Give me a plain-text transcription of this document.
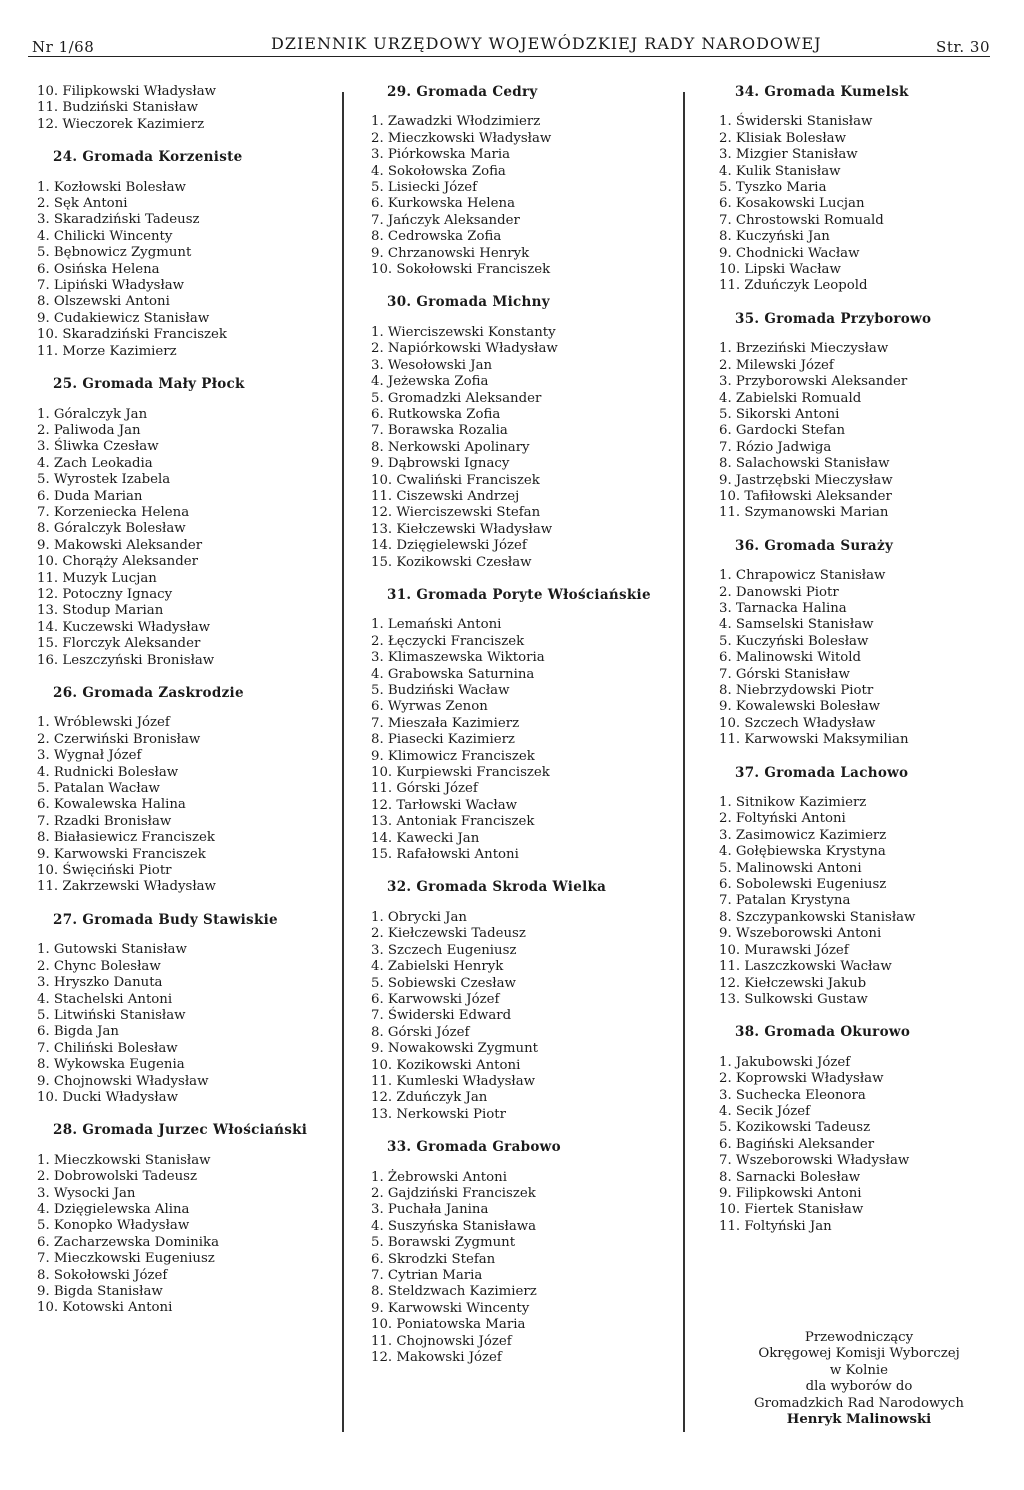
Nr 1/68	DZIENNIK URZĘDOWY WOJEWÓDZKIEJ RADY NARODOWEJ	Str. 30
10. Filipkowski Władysław
11. Budziński Stanisław
12. Wieczorek Kazimierz
24. Gromada Korzeniste
1. Kozłowski Bolesław
2. Sęk Antoni
3. Skaradziński Tadeusz
4. Chilicki Wincenty
5. Bębnowicz Zygmunt
6. Osińska Helena
7. Lipiński Władysław
8. Olszewski Antoni
9. Cudakiewicz Stanisław
10. Skaradziński Franciszek
11. Morze Kazimierz
25. Gromada Mały Płock
1. Góralczyk Jan
2. Paliwoda Jan
3. Śliwka Czesław
4. Zach Leokadia
5. Wyrostek Izabela
6. Duda Marian
7. Korzeniecka Helena
8. Góralczyk Bolesław
9. Makowski Aleksander
10. Chorąży Aleksander
11. Muzyk Lucjan
12. Potoczny Ignacy
13. Stodup Marian
14. Kuczewski Władysław
15. Florczyk Aleksander
16. Leszczyński Bronisław
26. Gromada Zaskrodzie
1. Wróblewski Józef
2. Czerwiński Bronisław
3. Wygnał Józef
4. Rudnicki Bolesław
5. Patalan Wacław
6. Kowalewska Halina
7. Rzadki Bronisław
8. Białasiewicz Franciszek
9. Karwowski Franciszek
10. Święciński Piotr
11. Zakrzewski Władysław
27. Gromada Budy Stawiskie
1. Gutowski Stanisław
2. Chync Bolesław
3. Hryszko Danuta
4. Stachelski Antoni
5. Litwiński Stanisław
6. Bigda Jan
7. Chiliński Bolesław
8. Wykowska Eugenia
9. Chojnowski Władysław
10. Ducki Władysław
28. Gromada Jurzec Włościański
1. Mieczkowski Stanisław
2. Dobrowolski Tadeusz
3. Wysocki Jan
4. Dzięgielewska Alina
5. Konopko Władysław
6. Zacharzewska Dominika
7. Mieczkowski Eugeniusz
8. Sokołowski Józef
9. Bigda Stanisław
10. Kotowski Antoni
29. Gromada Cedry
1. Zawadzki Włodzimierz
2. Mieczkowski Władysław
3. Piórkowska Maria
4. Sokołowska Zofia
5. Lisiecki Józef
6. Kurkowska Helena
7. Jańczyk Aleksander
8. Cedrowska Zofia
9. Chrzanowski Henryk
10. Sokołowski Franciszek
30. Gromada Michny
1. Wierciszewski Konstanty
2. Napiórkowski Władysław
3. Wesołowski Jan
4. Jeżewska Zofia
5. Gromadzki Aleksander
6. Rutkowska Zofia
7. Borawska Rozalia
8. Nerkowski Apolinary
9. Dąbrowski Ignacy
10. Cwaliński Franciszek
11. Ciszewski Andrzej
12. Wierciszewski Stefan
13. Kiełczewski Władysław
14. Dzięgielewski Józef
15. Kozikowski Czesław
31. Gromada Poryte Włościańskie
1. Lemański Antoni
2. Łęczycki Franciszek
3. Klimaszewska Wiktoria
4. Grabowska Saturnina
5. Budziński Wacław
6. Wyrwas Zenon
7. Mieszała Kazimierz
8. Piasecki Kazimierz
9. Klimowicz Franciszek
10. Kurpiewski Franciszek
11. Górski Józef
12. Tarłowski Wacław
13. Antoniak Franciszek
14. Kawecki Jan
15. Rafałowski Antoni
32. Gromada Skroda Wielka
1. Obrycki Jan
2. Kiełczewski Tadeusz
3. Szczech Eugeniusz
4. Zabielski Henryk
5. Sobiewski Czesław
6. Karwowski Józef
7. Świderski Edward
8. Górski Józef
9. Nowakowski Zygmunt
10. Kozikowski Antoni
11. Kumleski Władysław
12. Zduńczyk Jan
13. Nerkowski Piotr
33. Gromada Grabowo
1. Żebrowski Antoni
2. Gajdziński Franciszek
3. Puchała Janina
4. Suszyńska Stanisława
5. Borawski Zygmunt
6. Skrodzki Stefan
7. Cytrian Maria
8. Steldzwach Kazimierz
9. Karwowski Wincenty
10. Poniatowska Maria
11. Chojnowski Józef
12. Makowski Józef
34. Gromada Kumelsk
1. Świderski Stanisław
2. Klisiak Bolesław
3. Mizgier Stanisław
4. Kulik Stanisław
5. Tyszko Maria
6. Kosakowski Lucjan
7. Chrostowski Romuald
8. Kuczyński Jan
9. Chodnicki Wacław
10. Lipski Wacław
11. Zduńczyk Leopold
35. Gromada Przyborowo
1. Brzeziński Mieczysław
2. Milewski Józef
3. Przyborowski Aleksander
4. Zabielski Romuald
5. Sikorski Antoni
6. Gardocki Stefan
7. Rózio Jadwiga
8. Salachowski Stanisław
9. Jastrzębski Mieczysław
10. Tafiłowski Aleksander
11. Szymanowski Marian
36. Gromada Suraży
1. Chrapowicz Stanisław
2. Danowski Piotr
3. Tarnacka Halina
4. Samselski Stanisław
5. Kuczyński Bolesław
6. Malinowski Witold
7. Górski Stanisław
8. Niebrzydowski Piotr
9. Kowalewski Bolesław
10. Szczech Władysław
11. Karwowski Maksymilian
37. Gromada Lachowo
1. Sitnikow Kazimierz
2. Foltyński Antoni
3. Zasimowicz Kazimierz
4. Gołębiewska Krystyna
5. Malinowski Antoni
6. Sobolewski Eugeniusz
7. Patalan Krystyna
8. Szczypankowski Stanisław
9. Wszeborowski Antoni
10. Murawski Józef
11. Laszczkowski Wacław
12. Kiełczewski Jakub
13. Sulkowski Gustaw
38. Gromada Okurowo
1. Jakubowski Józef
2. Koprowski Władysław
3. Suchecka Eleonora
4. Secik Józef
5. Kozikowski Tadeusz
6. Bagiński Aleksander
7. Wszeborowski Władysław
8. Sarnacki Bolesław
9. Filipkowski Antoni
10. Fiertek Stanisław
11. Foltyński Jan
Przewodniczący
Okręgowej Komisji Wyborczej
w Kolnie
dla wyborów do
Gromadzkich Rad Narodowych
Henryk Malinowski
